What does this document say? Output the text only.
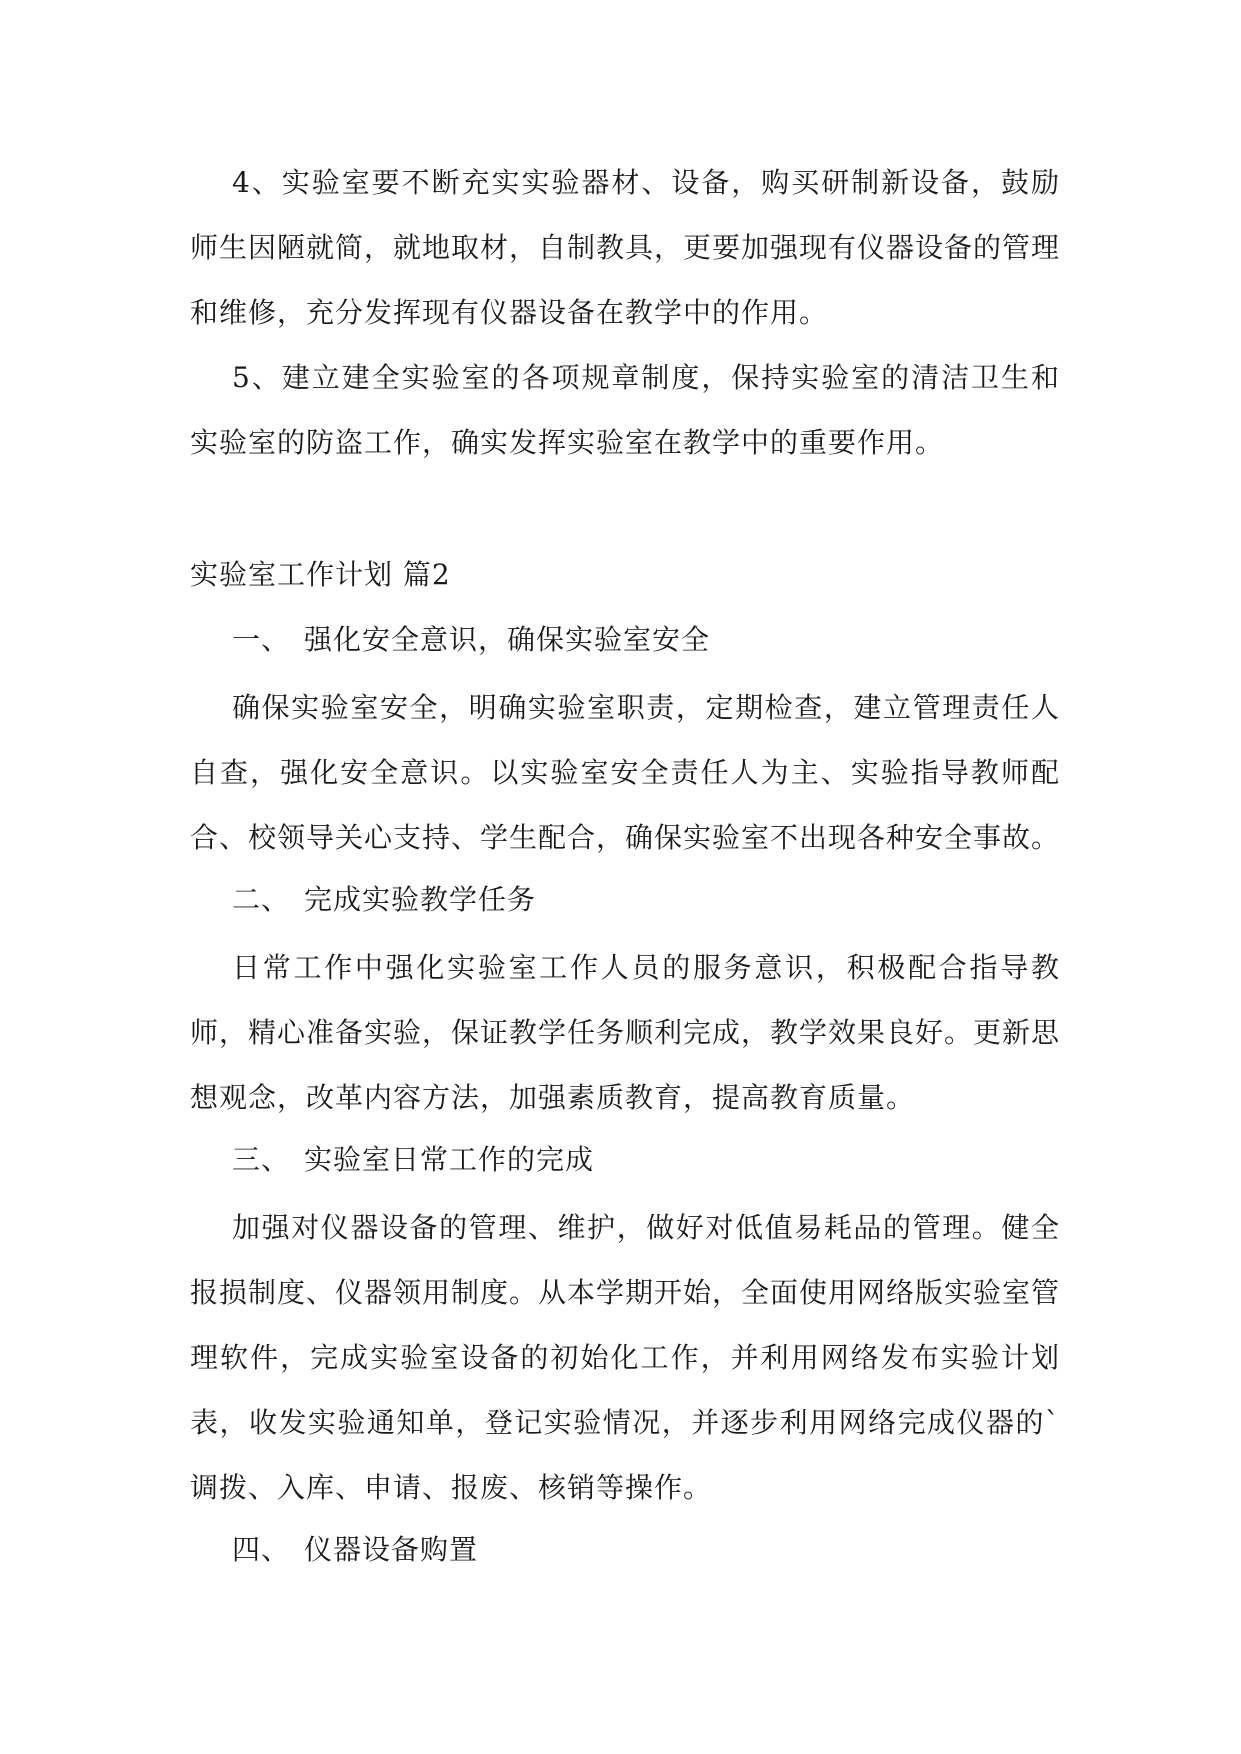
4、实验室要不断充实实验器材、设备，购买研制新设备，鼓励师生因陋就简，就地取材，自制教具，更要加强现有仪器设备的管理和维修，充分发挥现有仪器设备在教学中的作用。

5、建立建全实验室的各项规章制度，保持实验室的清洁卫生和实验室的防盗工作，确实发挥实验室在教学中的重要作用。

实验室工作计划 篇2

一、 强化安全意识，确保实验室安全

确保实验室安全，明确实验室职责，定期检查，建立管理责任人自查，强化安全意识。以实验室安全责任人为主、实验指导教师配合、校领导关心支持、学生配合，确保实验室不出现各种安全事故。

二、 完成实验教学任务

日常工作中强化实验室工作人员的服务意识，积极配合指导教师，精心准备实验，保证教学任务顺利完成，教学效果良好。更新思想观念，改革内容方法，加强素质教育，提高教育质量。

三、 实验室日常工作的完成

加强对仪器设备的管理、维护，做好对低值易耗品的管理。健全报损制度、仪器领用制度。从本学期开始，全面使用网络版实验室管理软件，完成实验室设备的初始化工作，并利用网络发布实验计划表，收发实验通知单，登记实验情况，并逐步利用网络完成仪器的`调拨、入库、申请、报废、核销等操作。

四、 仪器设备购置
